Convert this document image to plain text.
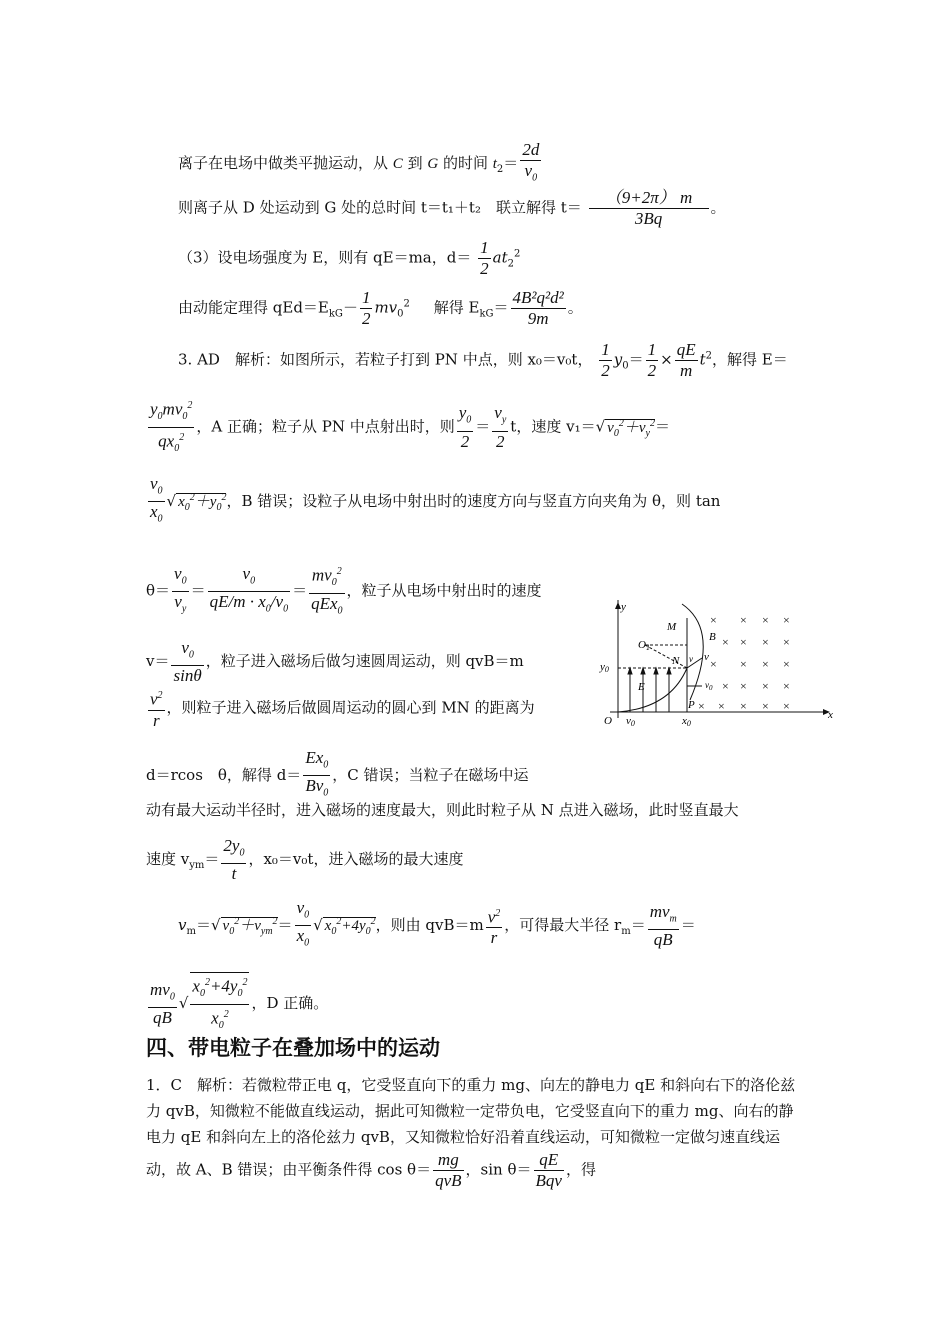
离子在电场中做类平抛运动，从 C 到 G 的时间 $t_2= \frac{2d}{v_0}$
则离子从 D 处运动到 G 处的总时间 t＝t₁＋t₂　联立解得 $t= \frac{(9+2\pi) m}{3Bq}$ 。
（3）设电场强度为 E，则有 qE＝ma，$d= \frac{1}{2} at_2^2$
由动能定理得 $qEd=E_{kG}- \frac{1}{2} mv_0^2$ 解得 $E_{kG}= \frac{\text{4B²q²d²}}{9m}$ 。
3. AD　解析：如图所示，若粒子打到 PN 中点，则 x₀＝v₀t， $\frac{1}{2} y_0= \frac{1}{2} \times \frac{qE}{m} t^2$，解得 E＝
$\frac{y_0mv_0^2}{qx_0^2}$ ，A 正确；粒子从 PN 中点射出时，则 $\frac{y_0}{2} = \frac{v_y}{2}$ t，速度 v₁＝√ $v_0^2+v_y^2=$
$\frac{v_0}{x_0}$ √ $x_0^2+y_0^2$，B 错误；设粒子从电场中射出时的速度方向与竖直方向夹角为 θ，则 tan
$\theta= \frac{v_0}{v_y} = \frac{v_0}{qE/m \cdot x_0/v_0} = \frac{mv_0^2}{qEx_0}$ ，粒子从电场中射出时的速度
$v= \frac{v_0}{\sin\theta}$ ，粒子进入磁场后做匀速圆周运动，则 qvB＝m
$\frac{v^2}{r}$ ，则粒子进入磁场后做圆周运动的圆心到 MN 的距离为
d＝rcos　θ，解得 $d= \frac{Ex_0}{Bv_0}$ ，C 错误；当粒子在磁场中运
动有最大运动半径时，进入磁场的速度最大，则此时粒子从 N 点进入磁场，此时竖直最大
速度 $v_{ym}= \frac{2y_0}{t}$ ，x₀＝v₀t，进入磁场的最大速度
$v_m=√$ $v_0^2+v_{ym}^2= \frac{v_0}{x_0}$ √ $x_0^2+4y_0^2$，则由 $qvB=m \frac{v^2}{r}$ ，可得最大半径 $r_m= \frac{mv_m}{qB}$ ＝
$\frac{mv_0}{qB}$ √ $\frac{x_0^2+4y_0^2}{x_0^2}$ ，D 正确。
四、带电粒子在叠加场中的运动
1．C　解析：若微粒带正电 q，它受竖直向下的重力 mg、向左的静电力 qE 和斜向右下的洛伦兹力 qvB，知微粒不能做直线运动，据此可知微粒一定带负电，它受竖直向下的重力 mg、向右的静电力 qE 和斜向左上的洛伦兹力 qvB，又知微粒恰好沿着直线运动，可知微粒一定做匀速直线运动，故 A、B 错误；由平衡条件得 $\cos \theta= \frac{mg}{\text{qvB}}$ ，$\sin \theta= \frac{qE}{\text{Bqv}}$ ，得
× × × ×
× × × ×
× × × ×
× × × ×
× × × × ×
y
M
O1
B
N v
v
y0
E	$v_0$
P
O v0	x0
x
